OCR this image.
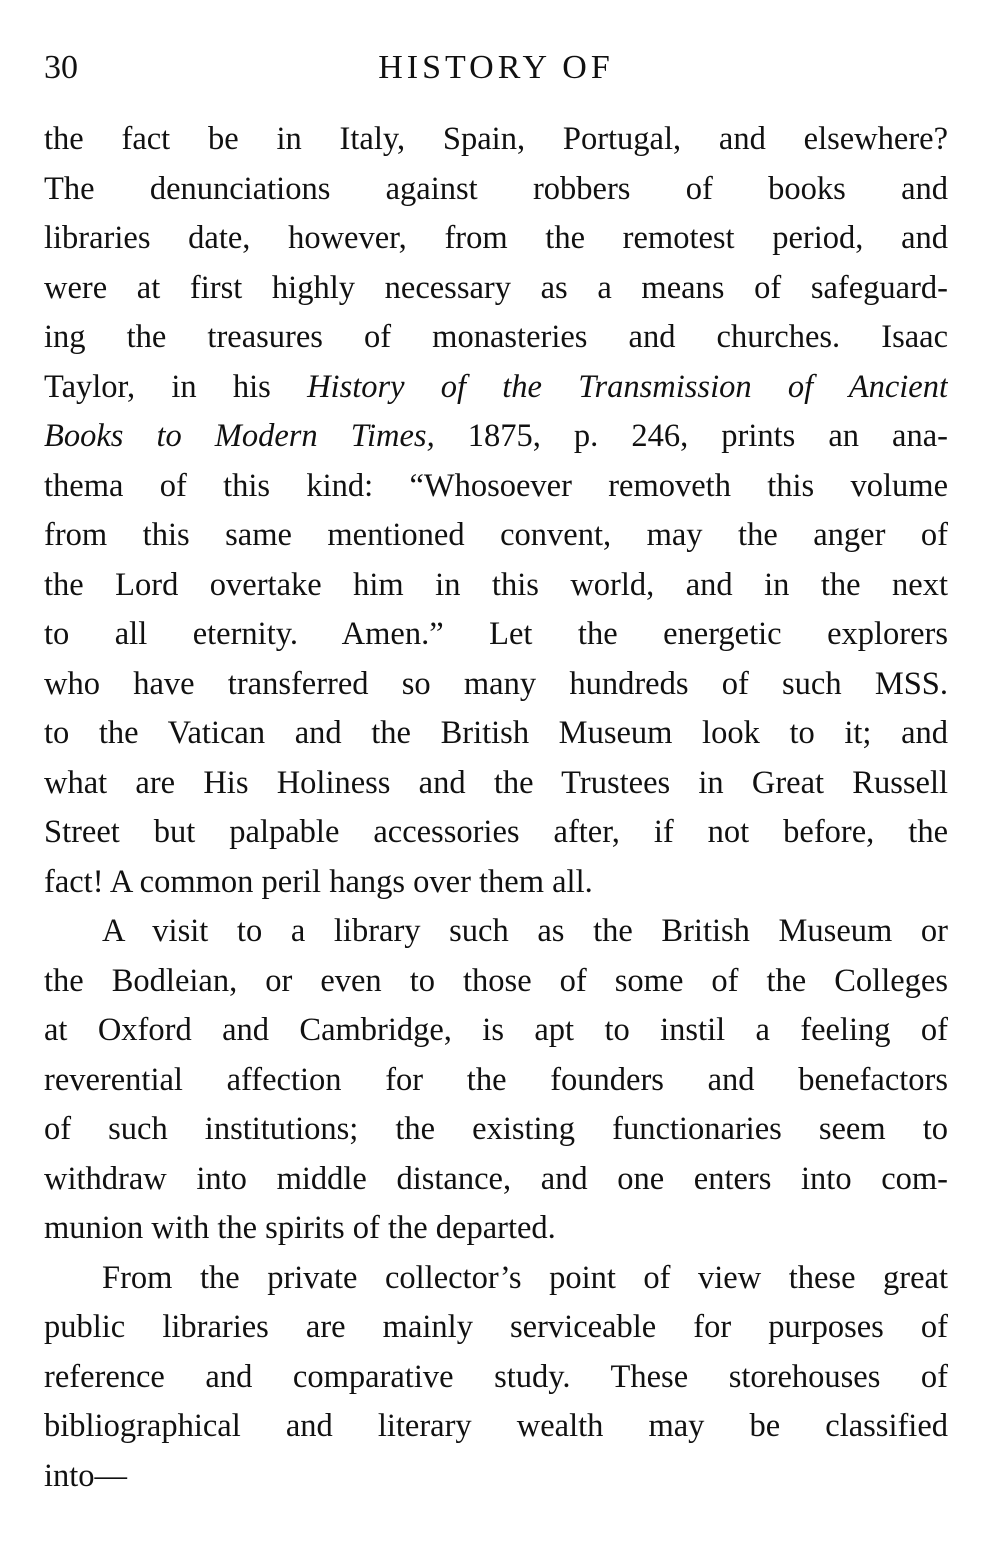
30	HISTORY OF
the fact be in Italy, Spain, Portugal, and elsewhere?
The denunciations against robbers of books and
libraries date, however, from the remotest period, and
were at first highly necessary as a means of safeguard-
ing the treasures of monasteries and churches. Isaac
Taylor, in his History of the Transmission of Ancient
Books to Modern Times, 1875, p. 246, prints an ana-
thema of this kind: “Whosoever removeth this volume
from this same mentioned convent, may the anger of
the Lord overtake him in this world, and in the next
to all eternity. Amen.” Let the energetic explorers
who have transferred so many hundreds of such MSS.
to the Vatican and the British Museum look to it; and
what are His Holiness and the Trustees in Great Russell
Street but palpable accessories after, if not before, the
fact! A common peril hangs over them all.
A visit to a library such as the British Museum or
the Bodleian, or even to those of some of the Colleges
at Oxford and Cambridge, is apt to instil a feeling of
reverential affection for the founders and benefactors
of such institutions; the existing functionaries seem to
withdraw into middle distance, and one enters into com-
munion with the spirits of the departed.
From the private collector’s point of view these great
public libraries are mainly serviceable for purposes of
reference and comparative study. These storehouses of
bibliographical and literary wealth may be classified
into—
